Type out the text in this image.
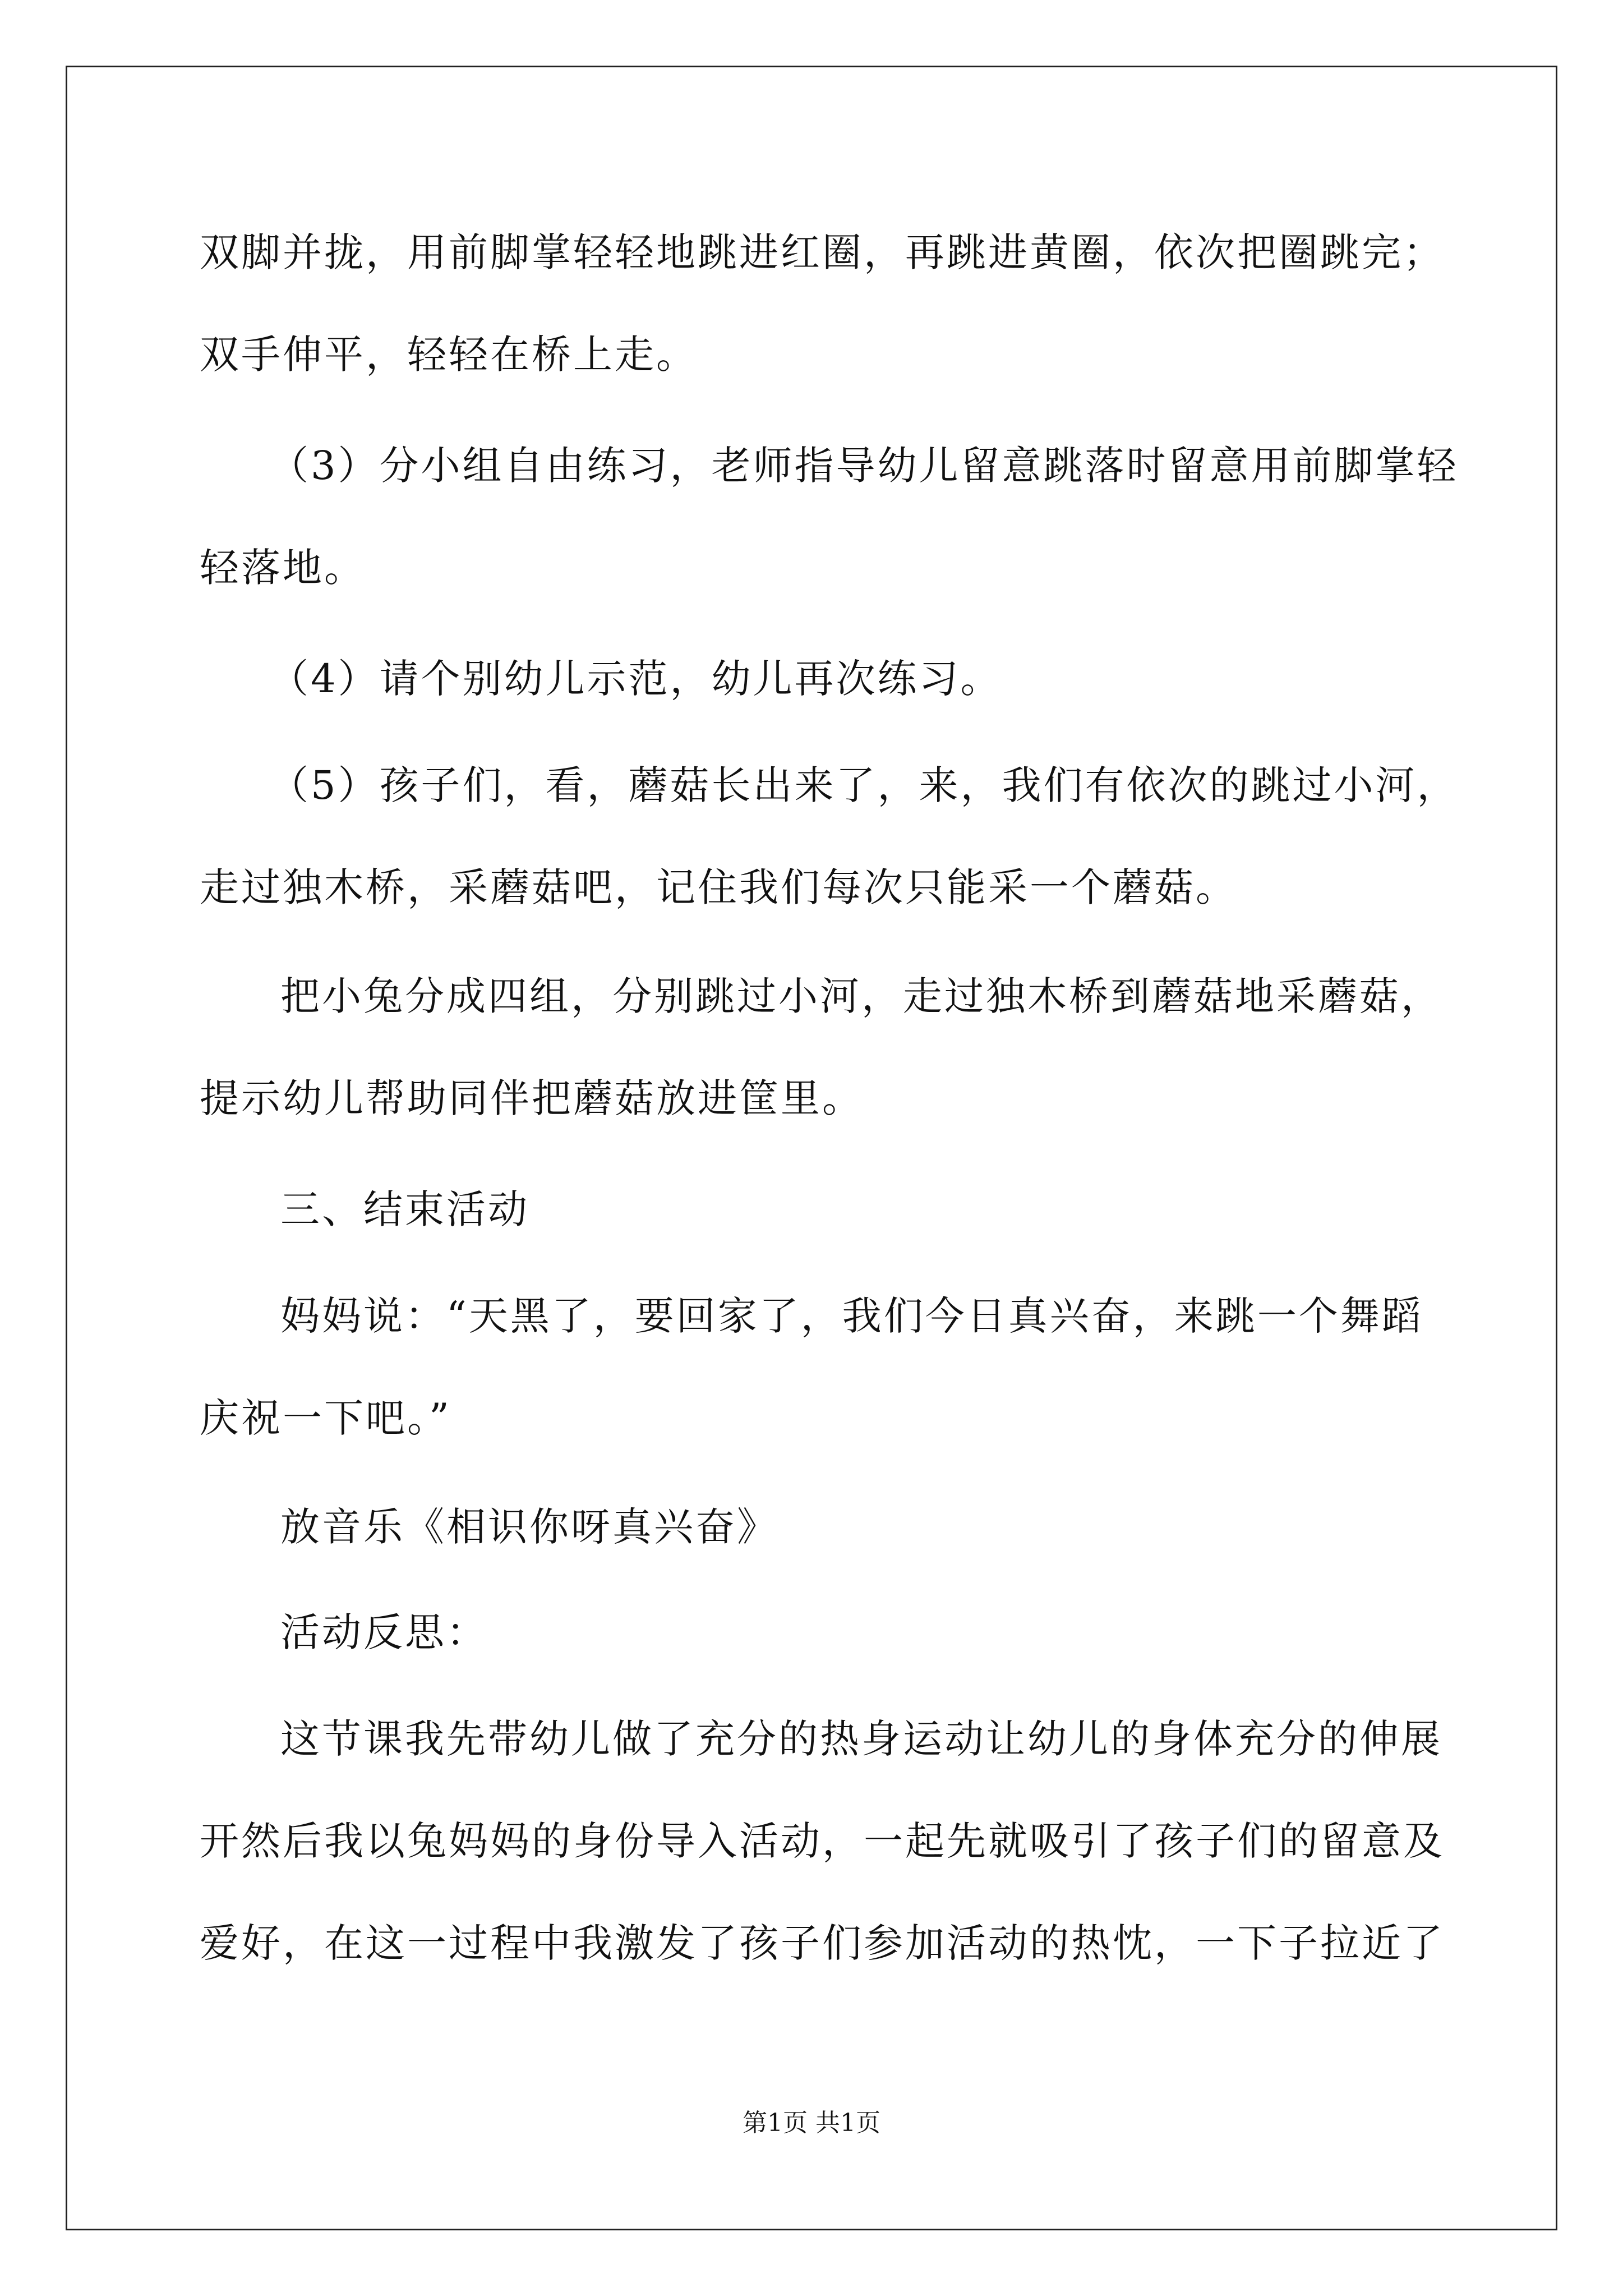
双脚并拢，用前脚掌轻轻地跳进红圈，再跳进黄圈，依次把圈跳完；
双手伸平，轻轻在桥上走。
（3）分小组自由练习，老师指导幼儿留意跳落时留意用前脚掌轻
轻落地。
（4）请个别幼儿示范，幼儿再次练习。
（5）孩子们，看，蘑菇长出来了，来，我们有依次的跳过小河，
走过独木桥，采蘑菇吧，记住我们每次只能采一个蘑菇。
把小兔分成四组，分别跳过小河，走过独木桥到蘑菇地采蘑菇，
提示幼儿帮助同伴把蘑菇放进筐里。
三、结束活动
妈妈说：“天黑了，要回家了，我们今日真兴奋，来跳一个舞蹈
庆祝一下吧。”
放音乐《相识你呀真兴奋》
活动反思：
这节课我先带幼儿做了充分的热身运动让幼儿的身体充分的伸展
开然后我以兔妈妈的身份导入活动，一起先就吸引了孩子们的留意及
爱好，在这一过程中我激发了孩子们参加活动的热忱，一下子拉近了
第1页 共1页
